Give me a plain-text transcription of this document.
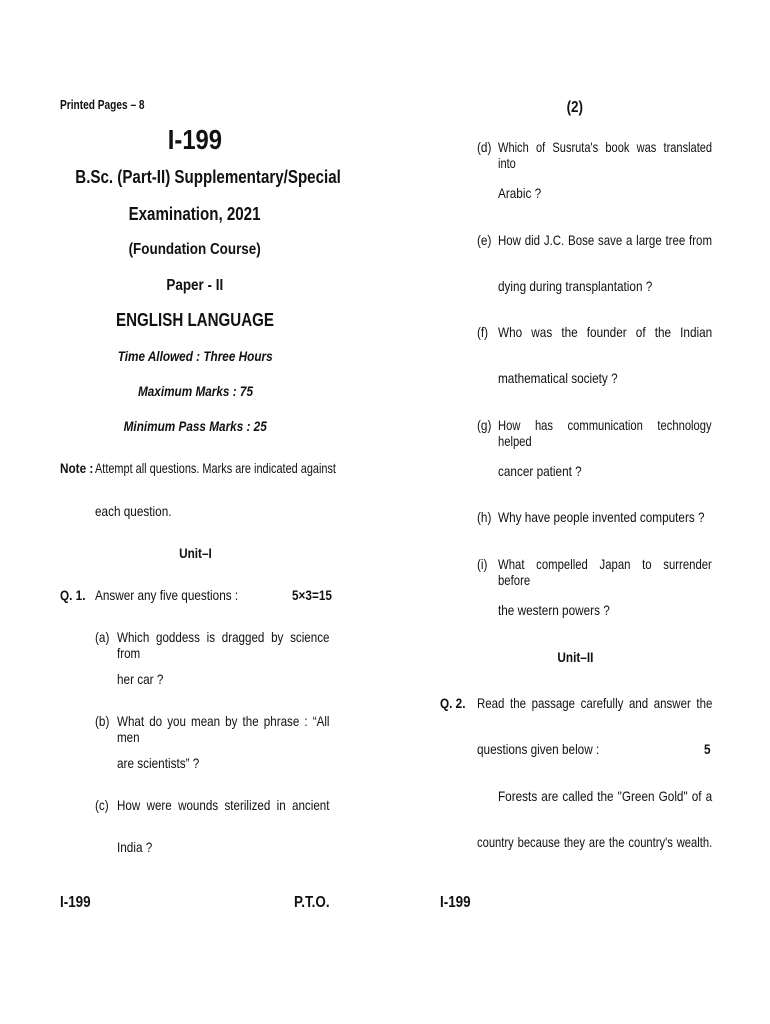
Printed Pages – 8
I-199
B.Sc. (Part-II) Supplementary/Special
Examination, 2021
(Foundation Course)
Paper - II
ENGLISH LANGUAGE
Time Allowed : Three Hours
Maximum Marks : 75
Minimum Pass Marks : 25
Note : Attempt all questions. Marks are indicated against
each question.
Unit–I
Q. 1. Answer any five questions :	5×3=15
(a) Which goddess is dragged by science from
her car ?
(b) What do you mean by the phrase : “All men
are scientists” ?
(c) How were wounds sterilized in ancient
India ?
I-199	P.T.O.
(2)
(d) Which of Susruta's book was translated into
Arabic ?
(e) How did J.C. Bose save a large tree from
dying during transplantation ?
(f) Who was the founder of the Indian
mathematical society ?
(g) How has communication technology helped
cancer patient ?
(h) Why have people invented computers ?
(i) What compelled Japan to surrender before
the western powers ?
Unit–II
Q. 2. Read the passage carefully and answer the
questions given below :	5
Forests are called the "Green Gold" of a
country because they are the country's wealth.
I-199
